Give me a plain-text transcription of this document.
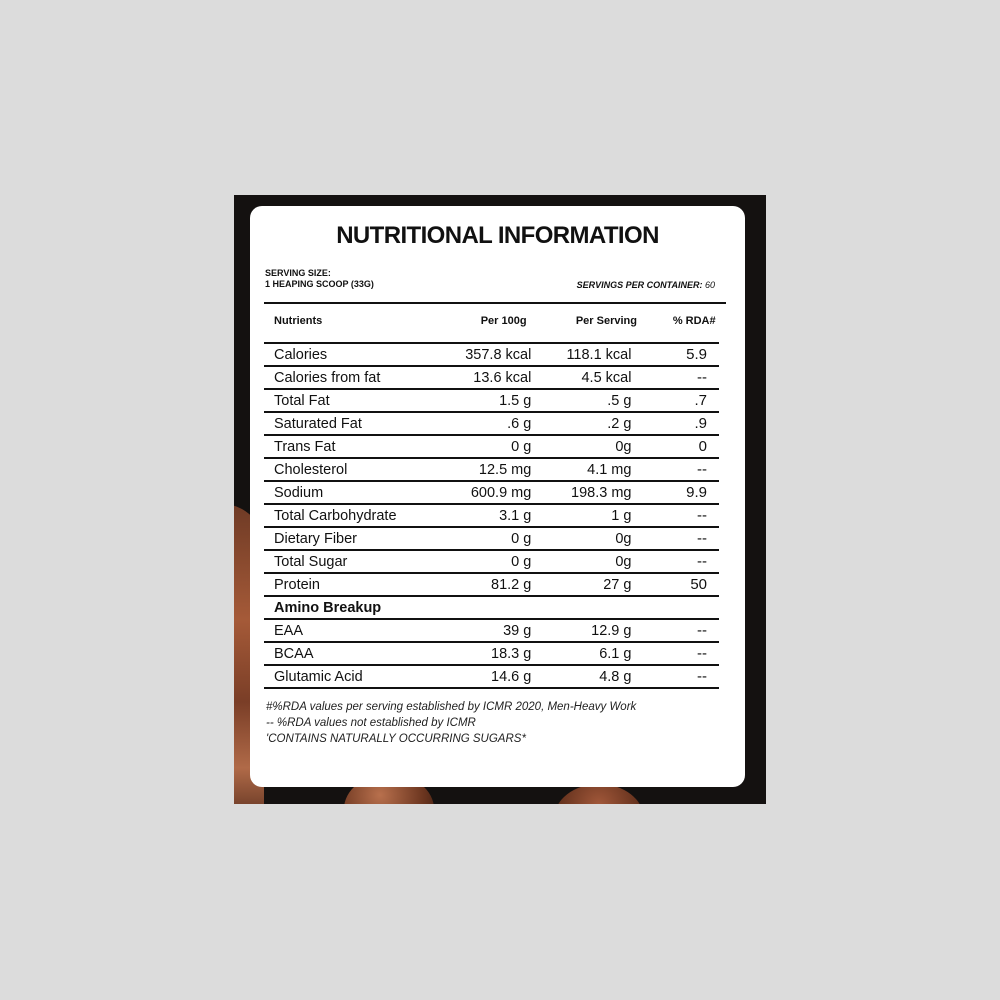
NUTRITIONAL INFORMATION
SERVING SIZE:
1 HEAPING SCOOP (33G)	SERVINGS PER CONTAINER: 60
Nutrients	Per 100g	Per Serving	% RDA#

Calories	357.8 kcal	118.1 kcal	5.9
Calories from fat	13.6 kcal	4.5 kcal	--
Total Fat	1.5 g	.5 g	.7
Saturated Fat	.6 g	.2 g	.9
Trans Fat	0 g	0g	0
Cholesterol	12.5 mg	4.1 mg	--
Sodium	600.9 mg	198.3 mg	9.9
Total Carbohydrate	3.1 g	1 g	--
Dietary Fiber	0 g	0g	--
Total Sugar	0 g	0g	--
Protein	81.2 g	27 g	50
Amino Breakup			
EAA	39 g	12.9 g	--
BCAA	18.3 g	6.1 g	--
Glutamic Acid	14.6 g	4.8 g	--
#%RDA values per serving established by ICMR 2020, Men-Heavy Work
-- %RDA values not established by ICMR
'CONTAINS NATURALLY OCCURRING SUGARS*
